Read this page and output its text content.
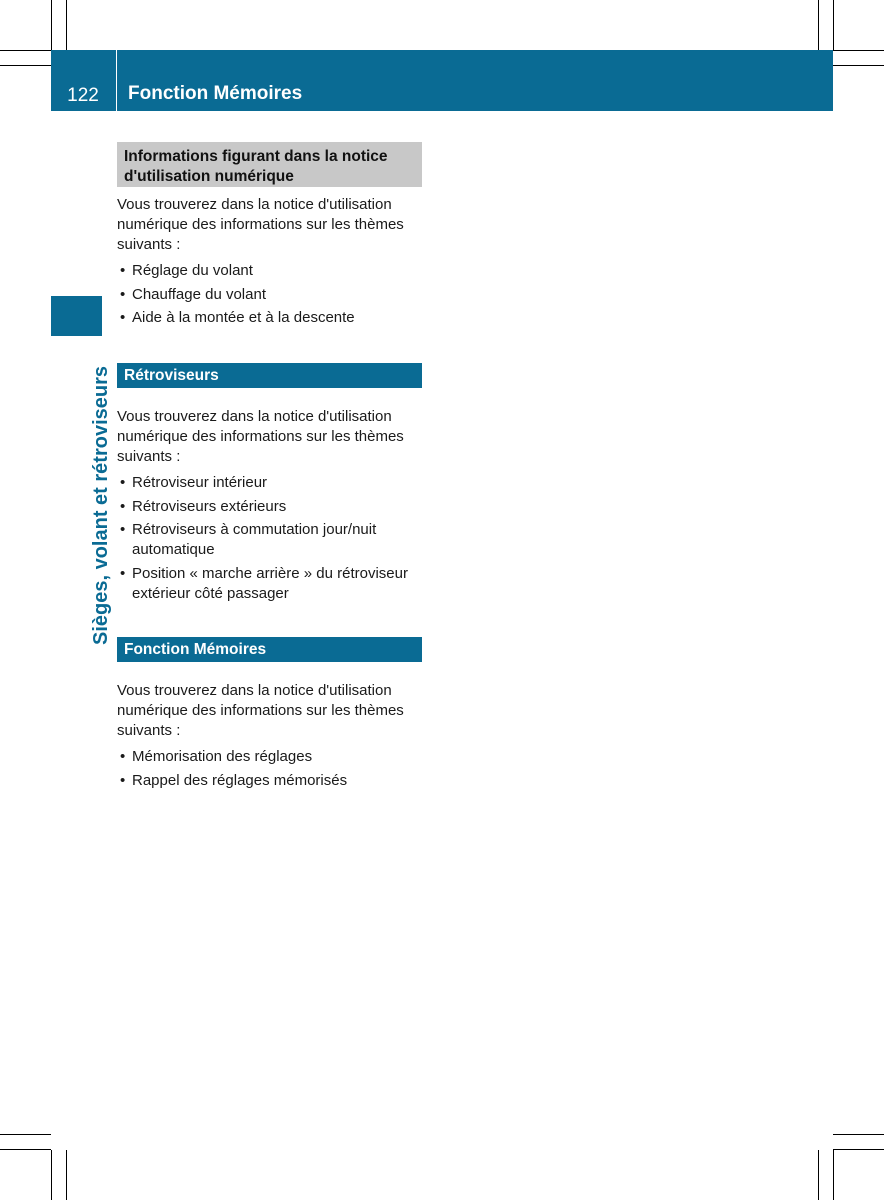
122 Fonction Mémoires
Sièges, volant et rétroviseurs
Informations figurant dans la notice d'utilisation numérique

Vous trouverez dans la notice d'utilisation numérique des informations sur les thèmes suivants :

• Réglage du volant
• Chauffage du volant
• Aide à la montée et à la descente
Rétroviseurs

Vous trouverez dans la notice d'utilisation numérique des informations sur les thèmes suivants :

• Rétroviseur intérieur
• Rétroviseurs extérieurs
• Rétroviseurs à commutation jour/nuit automatique
• Position « marche arrière » du rétroviseur extérieur côté passager
Fonction Mémoires

Vous trouverez dans la notice d'utilisation numérique des informations sur les thèmes suivants :

• Mémorisation des réglages
• Rappel des réglages mémorisés
